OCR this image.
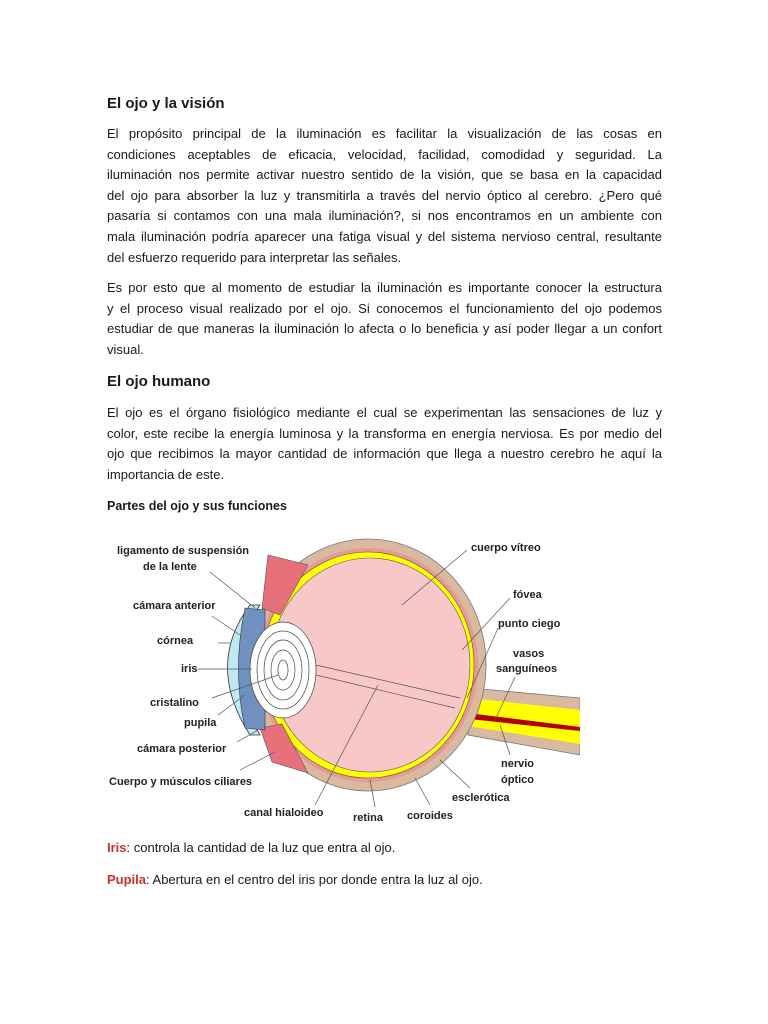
El ojo y la visión
El propósito principal de la iluminación es facilitar la visualización de las cosas en
condiciones aceptables de eficacia, velocidad, facilidad, comodidad y seguridad. La
iluminación nos permite activar nuestro sentido de la visión, que se basa en la capacidad
del ojo para absorber la luz y transmitirla a través del nervio óptico al cerebro. ¿Pero qué
pasaría si contamos con una mala iluminación?, si nos encontramos en un ambiente con
mala iluminación podría aparecer una fatiga visual y del sistema nervioso central, resultante
del esfuerzo requerido para interpretar las señales.
Es por esto que al momento de estudiar la iluminación es importante conocer la estructura
y el proceso visual realizado por el ojo. Si conocemos el funcionamiento del ojo podemos
estudiar de que maneras la iluminación lo afecta o lo beneficia y así poder llegar a un confort
visual.
El ojo humano
El ojo es el órgano fisiológico mediante el cual se experimentan las sensaciones de luz y
color, este recibe la energía luminosa y la transforma en energía nerviosa. Es por medio del
ojo que recibimos la mayor cantidad de información que llega a nuestro cerebro he aquí la
importancia de este.
Partes del ojo y sus funciones
ligamento de suspensión
de la lente
cámara anterior
córnea
iris
cristalino
pupila
cámara posterior
Cuerpo y músculos ciliares
canal hialoideo	retina coroides
esclerótica
nervio
óptico
vasos
sanguíneos
punto ciego
fóvea
cuerpo vítreo
Iris: controla la cantidad de la luz que entra al ojo.
Pupila: Abertura en el centro del iris por donde entra la luz al ojo.
